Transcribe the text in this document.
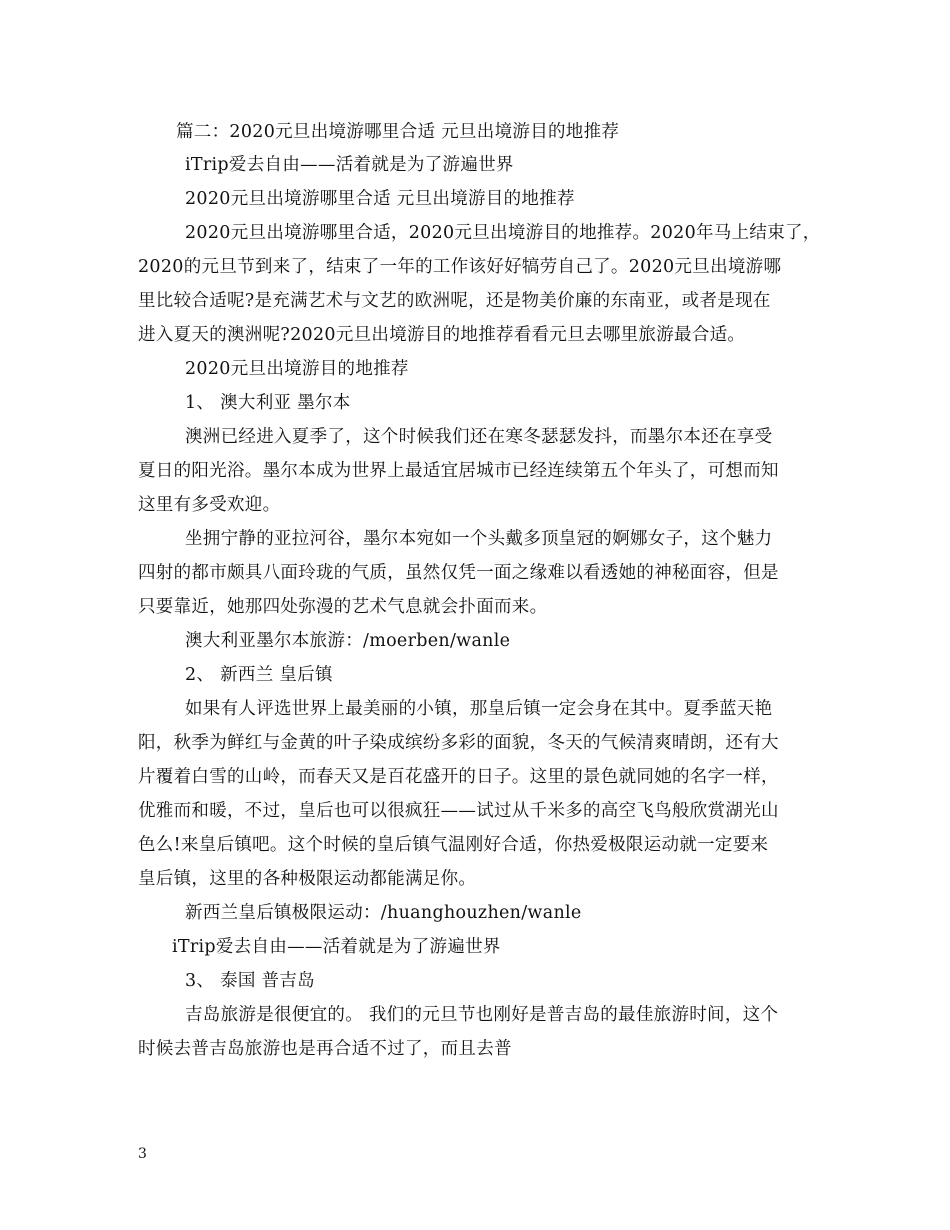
篇二：2020元旦出境游哪里合适 元旦出境游目的地推荐
iTrip爱去自由——活着就是为了游遍世界
2020元旦出境游哪里合适 元旦出境游目的地推荐
2020元旦出境游哪里合适，2020元旦出境游目的地推荐。2020年马上结束了，
2020的元旦节到来了，结束了一年的工作该好好犒劳自己了。2020元旦出境游哪
里比较合适呢?是充满艺术与文艺的欧洲呢，还是物美价廉的东南亚，或者是现在
进入夏天的澳洲呢?2020元旦出境游目的地推荐看看元旦去哪里旅游最合适。
2020元旦出境游目的地推荐
1、 澳大利亚 墨尔本
澳洲已经进入夏季了，这个时候我们还在寒冬瑟瑟发抖，而墨尔本还在享受
夏日的阳光浴。墨尔本成为世界上最适宜居城市已经连续第五个年头了，可想而知
这里有多受欢迎。
坐拥宁静的亚拉河谷，墨尔本宛如一个头戴多顶皇冠的婀娜女子，这个魅力
四射的都市颇具八面玲珑的气质，虽然仅凭一面之缘难以看透她的神秘面容，但是
只要靠近，她那四处弥漫的艺术气息就会扑面而来。
澳大利亚墨尔本旅游：/moerben/wanle
2、 新西兰 皇后镇
如果有人评选世界上最美丽的小镇，那皇后镇一定会身在其中。夏季蓝天艳
阳，秋季为鲜红与金黄的叶子染成缤纷多彩的面貌，冬天的气候清爽晴朗，还有大
片覆着白雪的山岭，而春天又是百花盛开的日子。这里的景色就同她的名字一样，
优雅而和暖，不过，皇后也可以很疯狂——试过从千米多的高空飞鸟般欣赏湖光山
色么!来皇后镇吧。这个时候的皇后镇气温刚好合适，你热爱极限运动就一定要来
皇后镇，这里的各种极限运动都能满足你。
新西兰皇后镇极限运动：/huanghouzhen/wanle
iTrip爱去自由——活着就是为了游遍世界
3、 泰国 普吉岛
吉岛旅游是很便宜的。 我们的元旦节也刚好是普吉岛的最佳旅游时间，这个
时候去普吉岛旅游也是再合适不过了，而且去普
3
